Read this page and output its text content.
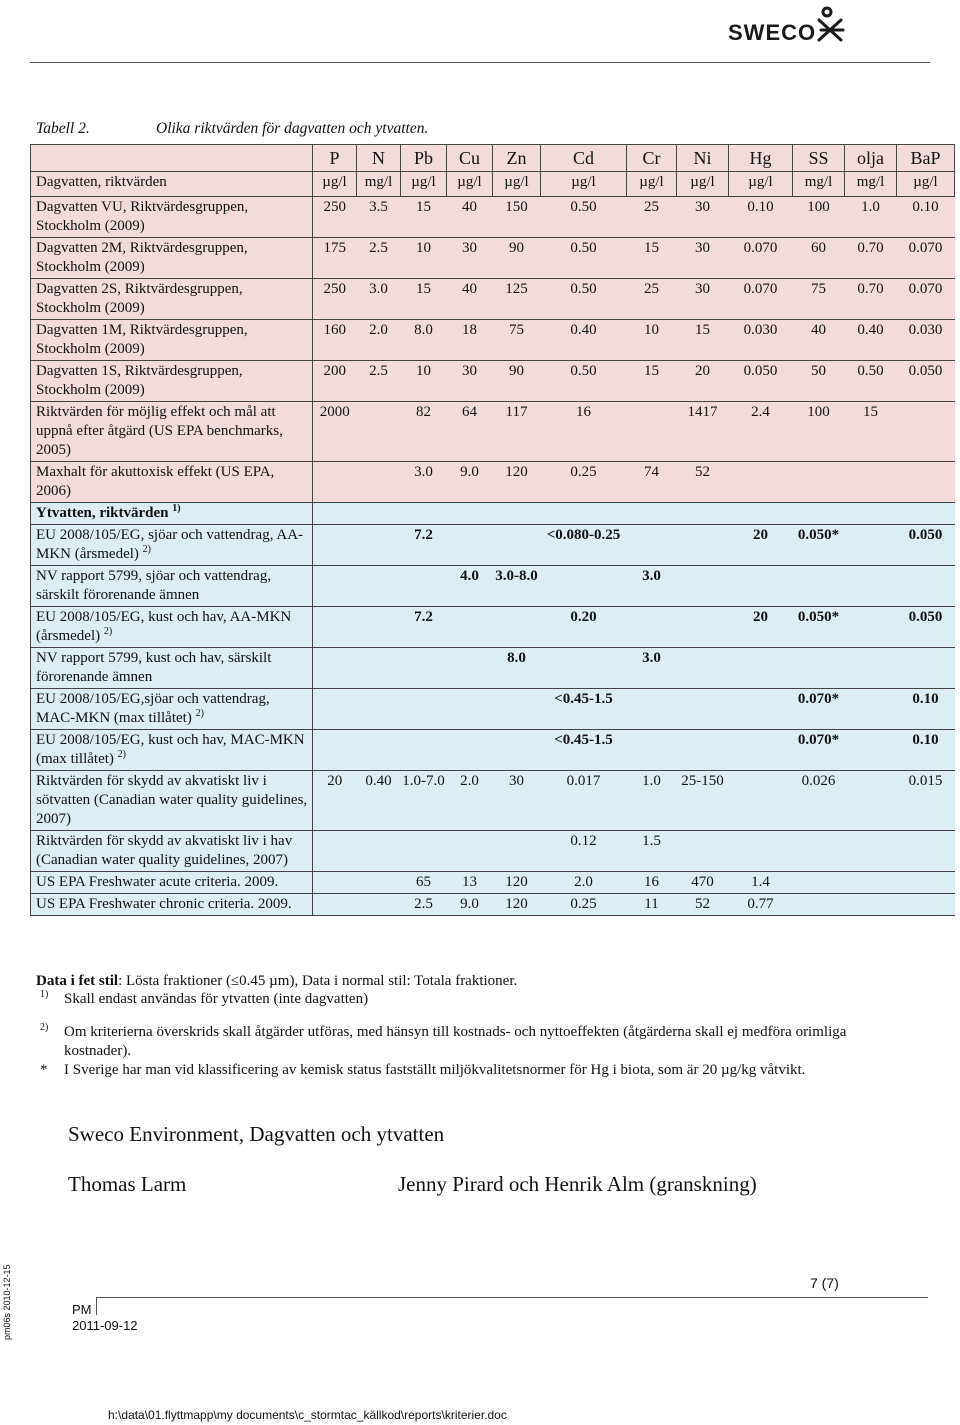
SWECO
Tabell 2.	Olika riktvärden för dagvatten och ytvatten.
	P	N	Pb	Cu	Zn	Cd	Cr	Ni	Hg	SS	olja	BaP
Dagvatten, riktvärden	µg/l	mg/l	µg/l	µg/l	µg/l	µg/l	µg/l	µg/l	µg/l	mg/l	mg/l	µg/l
Dagvatten VU, Riktvärdesgruppen, Stockholm (2009)	250	3.5	15	40	150	0.50	25	30	0.10	100	1.0	0.10
Dagvatten 2M, Riktvärdesgruppen, Stockholm (2009)	175	2.5	10	30	90	0.50	15	30	0.070	60	0.70	0.070
Dagvatten 2S, Riktvärdesgruppen, Stockholm (2009)	250	3.0	15	40	125	0.50	25	30	0.070	75	0.70	0.070
Dagvatten 1M, Riktvärdesgruppen, Stockholm (2009)	160	2.0	8.0	18	75	0.40	10	15	0.030	40	0.40	0.030
Dagvatten 1S, Riktvärdesgruppen, Stockholm (2009)	200	2.5	10	30	90	0.50	15	20	0.050	50	0.50	0.050
Riktvärden för möjlig effekt och mål att uppnå efter åtgärd (US EPA benchmarks, 2005)	2000		82	64	117	16		1417	2.4	100	15	
Maxhalt för akuttoxisk effekt (US EPA, 2006)			3.0	9.0	120	0.25	74	52				
Ytvatten, riktvärden $^{1)}$												
EU 2008/105/EG, sjöar och vattendrag, AA-MKN (årsmedel) $^{2)}$			7.2			<0.080-0.25			20	0.050*		0.050
NV rapport 5799, sjöar och vattendrag, särskilt förorenande ämnen				4.0	3.0-8.0		3.0					
EU 2008/105/EG, kust och hav, AA-MKN (årsmedel) $^{2)}$			7.2			0.20			20	0.050*		0.050
NV rapport 5799, kust och hav, särskilt förorenande ämnen					8.0		3.0					
EU 2008/105/EG,sjöar och vattendrag, MAC-MKN (max tillåtet) $^{2)}$						<0.45-1.5				0.070*		0.10
EU 2008/105/EG, kust och hav, MAC-MKN (max tillåtet) $^{2)}$						<0.45-1.5				0.070*		0.10
Riktvärden för skydd av akvatiskt liv i sötvatten (Canadian water quality guidelines, 2007)	20	0.40	1.0-7.0	2.0	30	0.017	1.0	25-150		0.026		0.015
Riktvärden för skydd av akvatiskt liv i hav (Canadian water quality guidelines, 2007)						0.12	1.5					
US EPA Freshwater acute criteria. 2009.			65	13	120	2.0	16	470	1.4			
US EPA Freshwater chronic criteria. 2009.			2.5	9.0	120	0.25	11	52	0.77			
Data i fet stil: Lösta fraktioner (≤0.45 µm), Data i normal stil: Totala fraktioner.
$^{1)}$ Skall endast användas för ytvatten (inte dagvatten)
$^{2)}$ Om kriterierna överskrids skall åtgärder utföras, med hänsyn till kostnads- och nyttoeffekten (åtgärderna skall ej medföra orimliga kostnader).
* I Sverige har man vid klassificering av kemisk status fastställt miljökvalitetsnormer för Hg i biota, som är 20 µg/kg våtvikt.
Sweco Environment, Dagvatten och ytvatten
Thomas Larm	Jenny Pirard och Henrik Alm (granskning)
7 (7)
PM
2011-09-12
pm06s 2010-12-15
h:\data\01.flyttmapp\my documents\c_stormtac_källkod\reports\kriterier.doc
